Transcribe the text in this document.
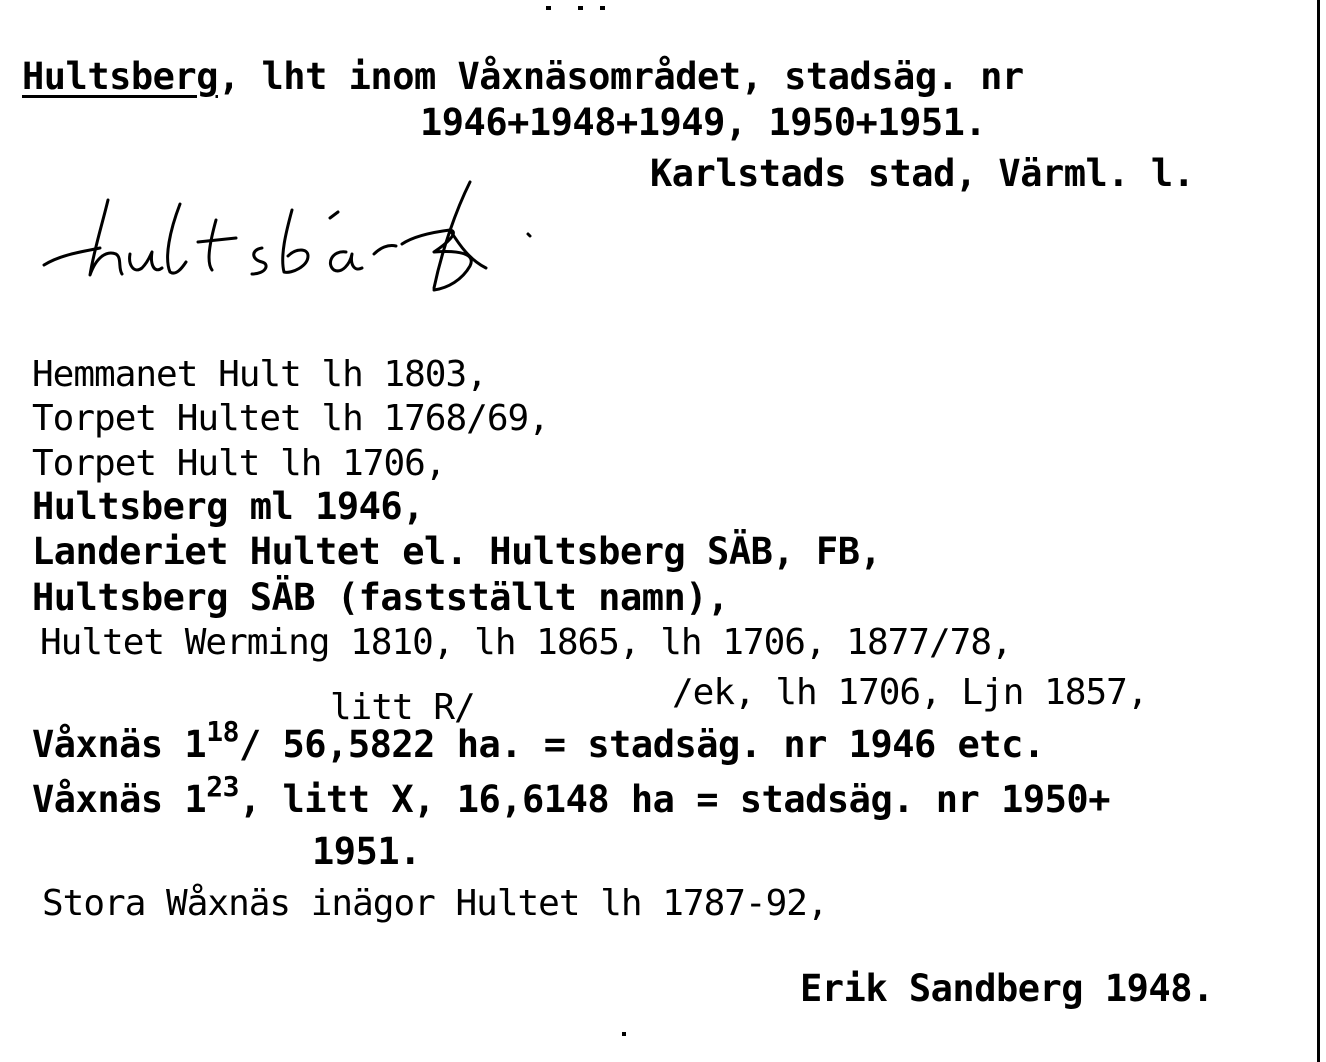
Hultsberg, lht inom Våxnäsområdet, stadsäg. nr
1946+1948+1949, 1950+1951.
Karlstads stad, Värml. l.
Hemmanet Hult lh 1803,
Torpet Hultet lh 1768/69,
Torpet Hult lh 1706,
Hultsberg ml 1946,
Landeriet Hultet el. Hultsberg SÄB, FB,
Hultsberg SÄB (fastställt namn),
Hultet Werming 1810, lh 1865, lh 1706, 1877/78,
/ek, lh 1706, Ljn 1857,
litt R/
Våxnäs $1^{18}/$ 56,5822 ha. = stadsäg. nr 1946 etc.
Våxnäs $1^{23}$, litt X, 16,6148 ha = stadsäg. nr 1950+
1951.
Stora Wåxnäs inägor Hultet lh 1787-92,
Erik Sandberg 1948.
